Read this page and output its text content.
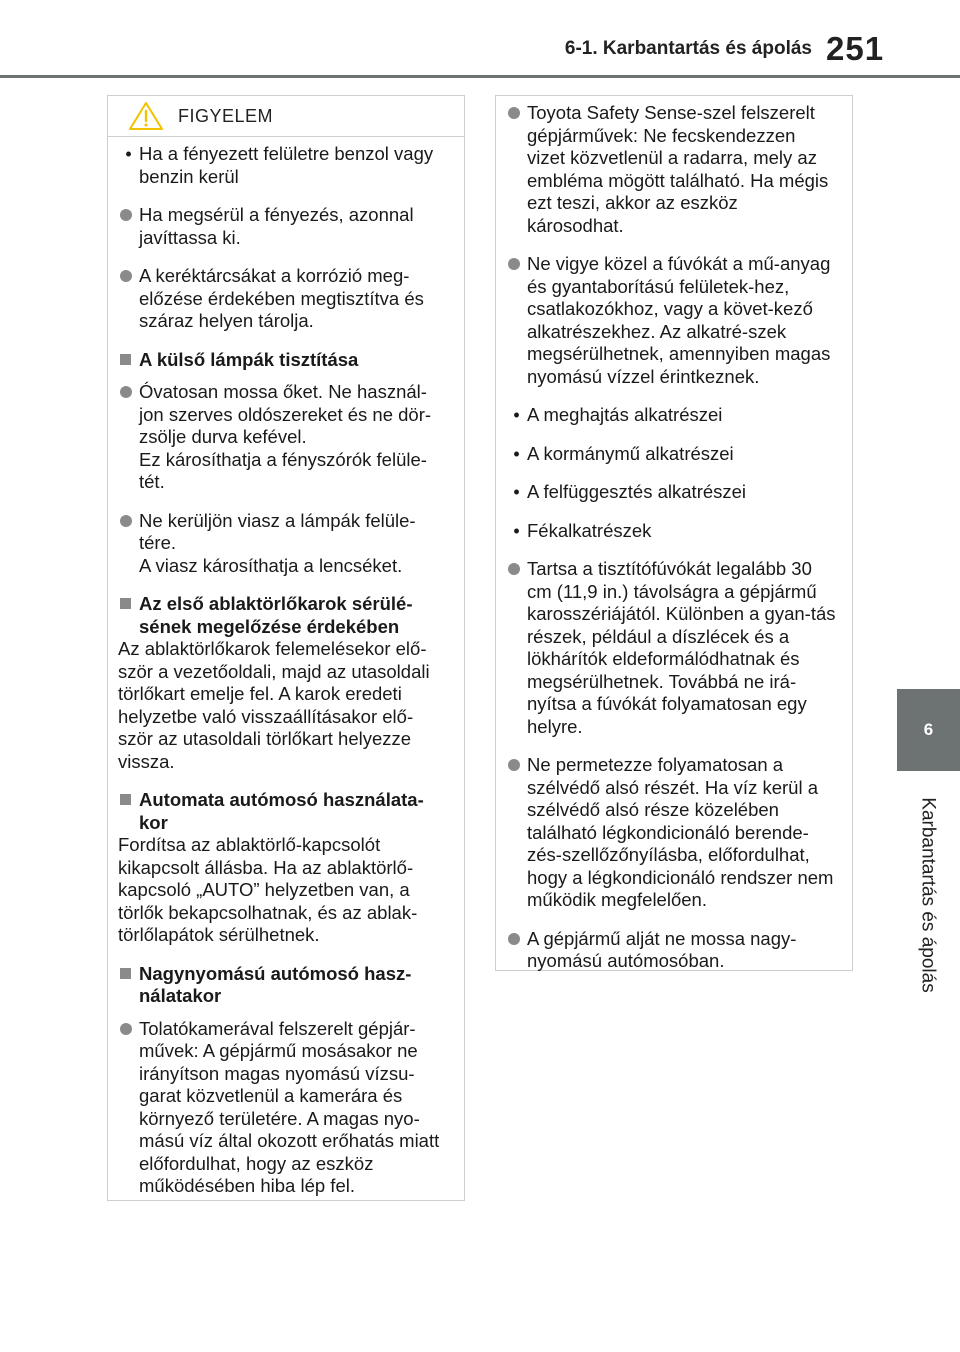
6-1. Karbantartás és ápolás 251
6
Karbantartás és ápolás
FIGYELEM
• Ha a fényezett felületre benzol vagy benzin kerül
Ha megsérül a fényezés, azonnal javíttassa ki.
A keréktárcsákat a korrózió meg-előzése érdekében megtisztítva és száraz helyen tárolja.
A külső lámpák tisztítása
Óvatosan mossa őket. Ne használ-jon szerves oldószereket és ne dör-zsölje durva kefével.
Ez károsíthatja a fényszórók felüle-tét.
Ne kerüljön viasz a lámpák felüle-tére.
A viasz károsíthatja a lencséket.
Az első ablaktörlőkarok sérülé-sének megelőzése érdekében
Az ablaktörlőkarok felemelésekor elő-ször a vezetőoldali, majd az utasoldali törlőkart emelje fel. A karok eredeti helyzetbe való visszaállításakor elő-ször az utasoldali törlőkart helyezze vissza.
Automata autómosó használata-kor
Fordítsa az ablaktörlő-kapcsolót kikapcsolt állásba. Ha az ablaktörlő-kapcsoló „AUTO” helyzetben van, a törlők bekapcsolhatnak, és az ablak-törlőlapátok sérülhetnek.
Nagynyomású autómosó hasz-nálatakor
Tolatókamerával felszerelt gépjár-művek: A gépjármű mosásakor ne irányítson magas nyomású vízsu-garat közvetlenül a kamerára és környező területére. A magas nyo-mású víz által okozott erőhatás miatt előfordulhat, hogy az eszköz működésében hiba lép fel.
Toyota Safety Sense-szel felszerelt gépjárművek: Ne fecskendezzen vizet közvetlenül a radarra, mely az embléma mögött található. Ha mégis ezt teszi, akkor az eszköz károsodhat.
Ne vigye közel a fúvókát a mű-anyag és gyantaborítású felületek-hez, csatlakozókhoz, vagy a követ-kező alkatrészekhez. Az alkatré-szek megsérülhetnek, amennyiben magas nyomású vízzel érintkeznek.
• A meghajtás alkatrészei
• A kormánymű alkatrészei
• A felfüggesztés alkatrészei
• Fékalkatrészek
Tartsa a tisztítófúvókát legalább 30 cm (11,9 in.) távolságra a gépjármű karosszériájától. Különben a gyan-tás részek, például a díszlécek és a lökhárítók eldeformálódhatnak és megsérülhetnek. Továbbá ne irá-nyítsa a fúvókát folyamatosan egy helyre.
Ne permetezze folyamatosan a szélvédő alsó részét. Ha víz kerül a szélvédő alsó része közelében található légkondicionáló berende-zés-szellőzőnyílásba, előfordulhat, hogy a légkondicionáló rendszer nem működik megfelelően.
A gépjármű alját ne mossa nagy-nyomású autómosóban.
